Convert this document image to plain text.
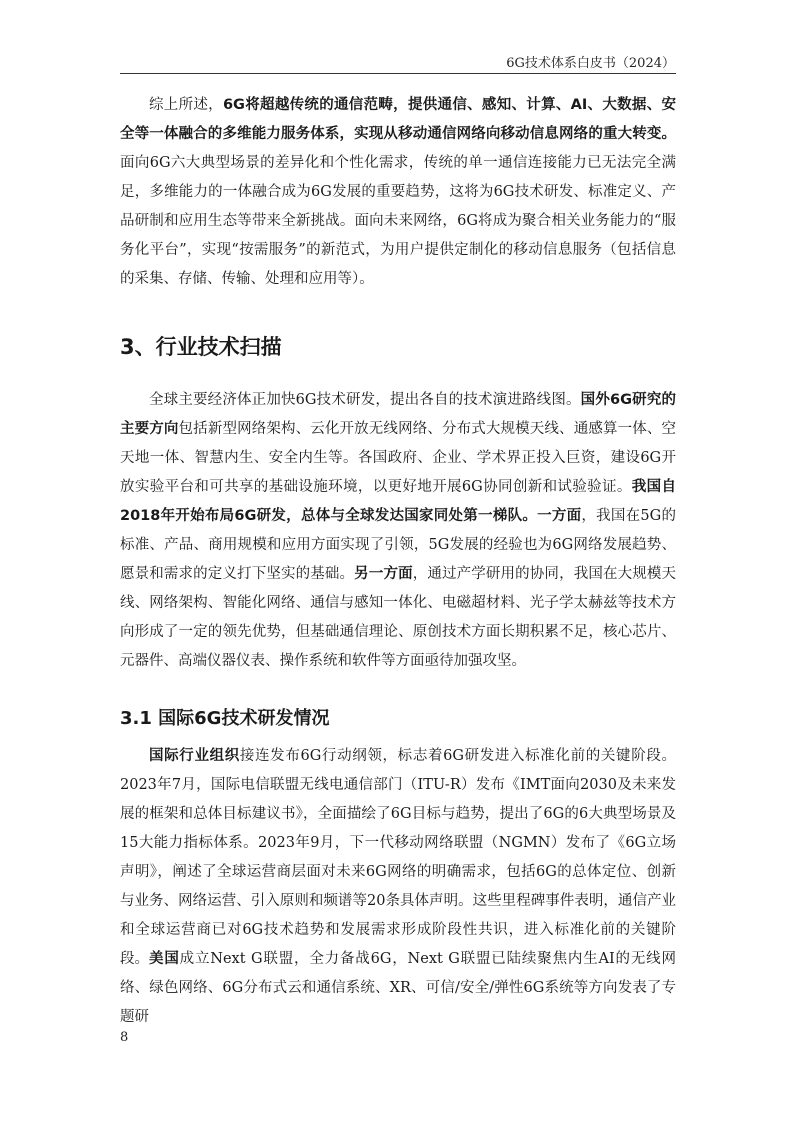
6G技术体系白皮书（2024）

综上所述，6G将超越传统的通信范畴，提供通信、感知、计算、AI、大数据、安全等一体融合的多维能力服务体系，实现从移动通信网络向移动信息网络的重大转变。面向6G六大典型场景的差异化和个性化需求，传统的单一通信连接能力已无法完全满足，多维能力的一体融合成为6G发展的重要趋势，这将为6G技术研发、标准定义、产品研制和应用生态等带来全新挑战。面向未来网络，6G将成为聚合相关业务能力的“服务化平台”，实现“按需服务”的新范式，为用户提供定制化的移动信息服务（包括信息的采集、存储、传输、处理和应用等）。

3、行业技术扫描

全球主要经济体正加快6G技术研发，提出各自的技术演进路线图。国外6G研究的主要方向包括新型网络架构、云化开放无线网络、分布式大规模天线、通感算一体、空天地一体、智慧内生、安全内生等。各国政府、企业、学术界正投入巨资，建设6G开放实验平台和可共享的基础设施环境，以更好地开展6G协同创新和试验验证。我国自2018年开始布局6G研发，总体与全球发达国家同处第一梯队。一方面，我国在5G的标准、产品、商用规模和应用方面实现了引领，5G发展的经验也为6G网络发展趋势、愿景和需求的定义打下坚实的基础。另一方面，通过产学研用的协同，我国在大规模天线、网络架构、智能化网络、通信与感知一体化、电磁超材料、光子学太赫兹等技术方向形成了一定的领先优势，但基础通信理论、原创技术方面长期积累不足，核心芯片、元器件、高端仪器仪表、操作系统和软件等方面亟待加强攻坚。

3.1 国际6G技术研发情况

国际行业组织接连发布6G行动纲领，标志着6G研发进入标准化前的关键阶段。2023年7月，国际电信联盟无线电通信部门（ITU-R）发布《IMT面向2030及未来发展的框架和总体目标建议书》，全面描绘了6G目标与趋势，提出了6G的6大典型场景及15大能力指标体系。2023年9月，下一代移动网络联盟（NGMN）发布了《6G立场声明》，阐述了全球运营商层面对未来6G网络的明确需求，包括6G的总体定位、创新与业务、网络运营、引入原则和频谱等20条具体声明。这些里程碑事件表明，通信产业和全球运营商已对6G技术趋势和发展需求形成阶段性共识，进入标准化前的关键阶段。 美国成立Next G联盟，全力备战6G，Next G联盟已陆续聚焦内生AI的无线网络、绿色网络、6G分布式云和通信系统、XR、可信/安全/弹性6G系统等方向发表了专题研

8
